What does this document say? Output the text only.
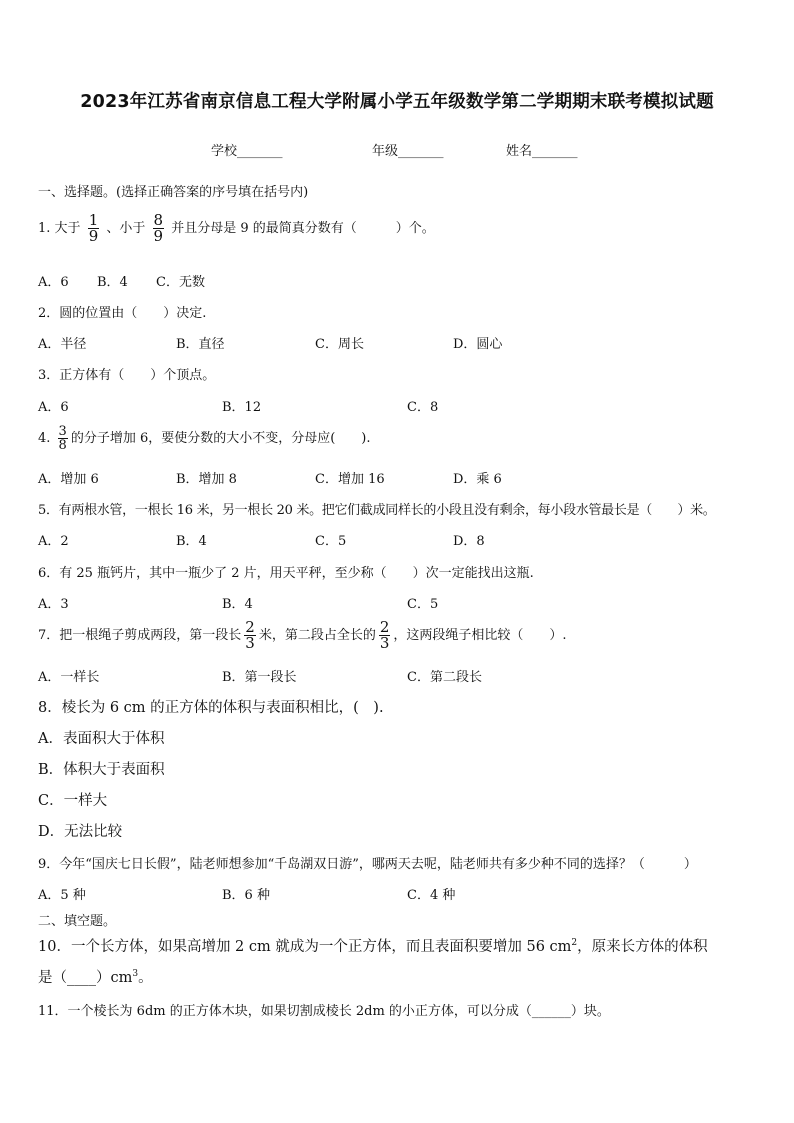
2023年江苏省南京信息工程大学附属小学五年级数学第二学期期末联考模拟试题
学校_______	年级_______	姓名_______
一、选择题。(选择正确答案的序号填在括号内)
1. 大于 $\frac{1}{9}$ 、小于 $\frac{8}{9}$ 并且分母是 9 的最简真分数有（　　　）个。
A．6 B．4 C．无数
2．圆的位置由（　　）决定.
A．半径	B．直径	C．周长	D．圆心
3．正方体有（　　）个顶点。
A．6	B．12	C．8
4. $\frac{3}{8}$ 的分子增加 6，要使分数的大小不变，分母应(　　).
A．增加 6	B．增加 8	C．增加 16	D．乘 6
5．有两根水管，一根长 16 米，另一根长 20 米。把它们截成同样长的小段且没有剩余，每小段水管最长是（　　）米。
A．2	B．4	C．5	D．8
6．有 25 瓶钙片，其中一瓶少了 2 片，用天平秤，至少称（　　）次一定能找出这瓶.
A．3	B．4	C．5
7．把一根绳子剪成两段，第一段长 $\frac{2}{3}$ 米，第二段占全长的 $\frac{2}{3}$ ，这两段绳子相比较（　　）.
A．一样长	B．第一段长	C．第二段长
8．棱长为 6 cm 的正方体的体积与表面积相比，(　).
A．表面积大于体积
B．体积大于表面积
C．一样大
D．无法比较
9．今年“国庆七日长假”，陆老师想参加“千岛湖双日游”，哪两天去呢，陆老师共有多少种不同的选择？（　　　）
A．5 种	B．6 种	C．4 种
二、填空题。
10．一个长方体，如果高增加 2 cm 就成为一个正方体，而且表面积要增加 56 $cm^2$，原来长方体的体积
是$(\_\_\_\_)cm^3$。
11．一个棱长为 6dm 的正方体木块，如果切割成棱长 2dm 的小正方体，可以分成（______）块。
